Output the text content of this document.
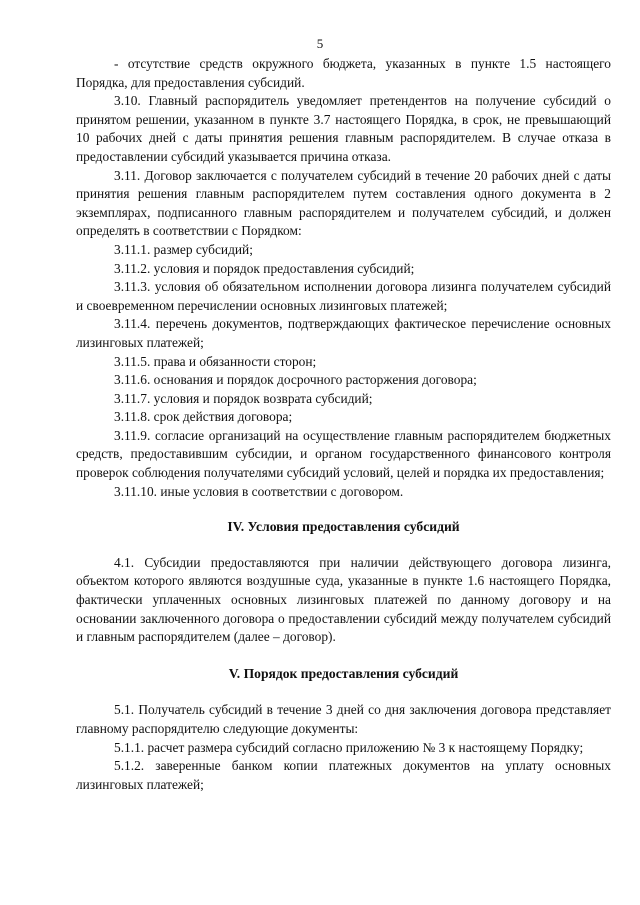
5

- отсутствие средств окружного бюджета, указанных в пункте 1.5 настоящего Порядка, для предоставления субсидий.

3.10. Главный распорядитель уведомляет претендентов на получение субсидий о принятом решении, указанном в пункте 3.7 настоящего Порядка, в срок, не превышающий 10 рабочих дней с даты принятия решения главным распорядителем. В случае отказа в предоставлении субсидий указывается причина отказа.

3.11. Договор заключается с получателем субсидий в течение 20 рабочих дней с даты принятия решения главным распорядителем путем составления одного документа в 2 экземплярах, подписанного главным распорядителем и получателем субсидий, и должен определять в соответствии с Порядком:

3.11.1. размер субсидий;

3.11.2. условия и порядок предоставления субсидий;

3.11.3. условия об обязательном исполнении договора лизинга получателем субсидий и своевременном перечислении основных лизинговых платежей;

3.11.4. перечень документов, подтверждающих фактическое перечисление основных лизинговых платежей;

3.11.5. права и обязанности сторон;

3.11.6. основания и порядок досрочного расторжения договора;

3.11.7. условия и порядок возврата субсидий;

3.11.8. срок действия договора;

3.11.9. согласие организаций на осуществление главным распорядителем бюджетных средств, предоставившим субсидии, и органом государственного финансового контроля проверок соблюдения получателями субсидий условий, целей и порядка их предоставления;

3.11.10. иные условия в соответствии с договором.

IV. Условия предоставления субсидий

4.1. Субсидии предоставляются при наличии действующего договора лизинга, объектом которого являются воздушные суда, указанные в пункте 1.6 настоящего Порядка, фактически уплаченных основных лизинговых платежей по данному договору и на основании заключенного договора о предоставлении субсидий между получателем субсидий и главным распорядителем (далее – договор).

V. Порядок предоставления субсидий

5.1. Получатель субсидий в течение 3 дней со дня заключения договора представляет главному распорядителю следующие документы:

5.1.1. расчет размера субсидий согласно приложению № 3 к настоящему Порядку;

5.1.2. заверенные банком копии платежных документов на уплату основных лизинговых платежей;
